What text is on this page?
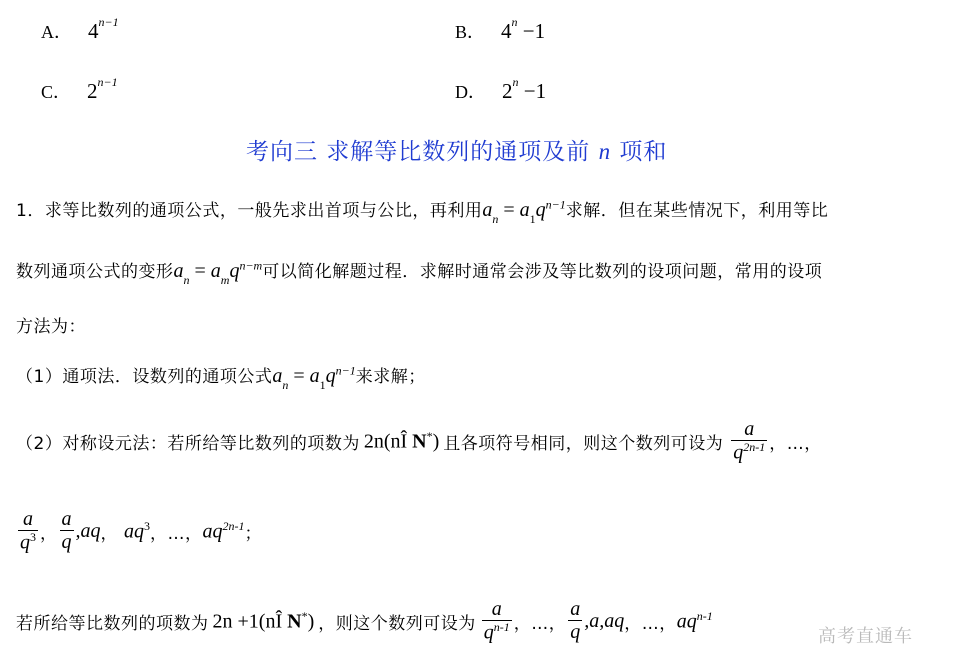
A． $4^{n-1}$	B． $4^n -1$
C． $2^{n-1}$	D． $2^n -1$
考向三 求解等比数列的通项及前 n 项和
1．求等比数列的通项公式，一般先求出首项与公比，再利用$a_n = a_1q^{n-1}$求解．但在某些情况下，利用等比
数列通项公式的变形$a_n = a_mq^{n-m}$可以简化解题过程．求解时通常会涉及等比数列的设项问题，常用的设项
方法为：
（1）通项法．设数列的通项公式$a_n = a_1q^{n-1}$来求解；
（2）对称设元法：若所给等比数列的项数为 2n(nÎ N*) 且各项符号相同，则这个数列可设为 $\frac{a}{q^{2n-1}}$ ，…，
$\frac{a}{q^3}$ ， $\frac{a}{q} ,aq$ ， $aq^3$ ，…， $aq^{2n-1}$ ；
若所给等比数列的项数为 2n +1(nÎ N*) ，则这个数列可设为 $\frac{a}{q^{n-1}}$ ，…， $\frac{a}{q} ,a,aq$ ，…， $aq^{n-1}$
高考直通车
